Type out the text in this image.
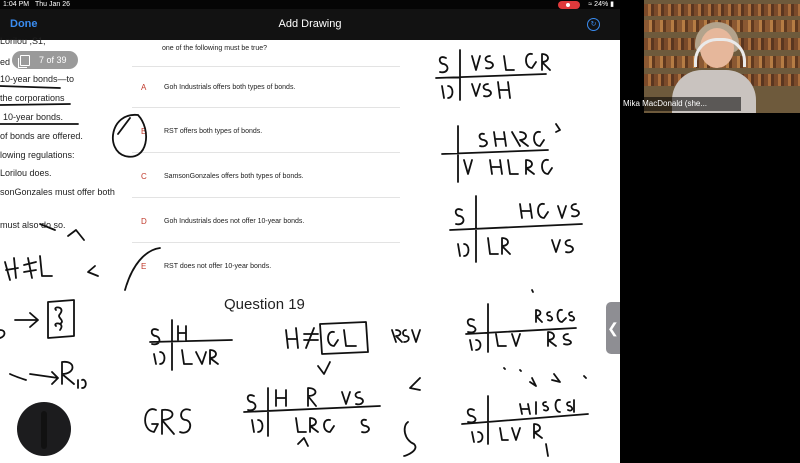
1:04 PM Thu Jan 26	≈ 24% ▮
Done	Add Drawing	↻
Lorilou ,S1,
ed
10-year bonds—to
the corporations
10-year bonds.
of bonds are offered.
lowing regulations:
Lorilou does.
sonGonzales must offer both
must also do so.
one of the following must be true?
A	Goh Industrials offers both types of bonds.
B	RST offers both types of bonds.
C SamsonGonzales offers both types of bonds.
D Goh Industrials does not offer 10-year bonds.
E	RST does not offer 10-year bonds.
Question 19
7 of 39
❮
Mika MacDonald (she...
